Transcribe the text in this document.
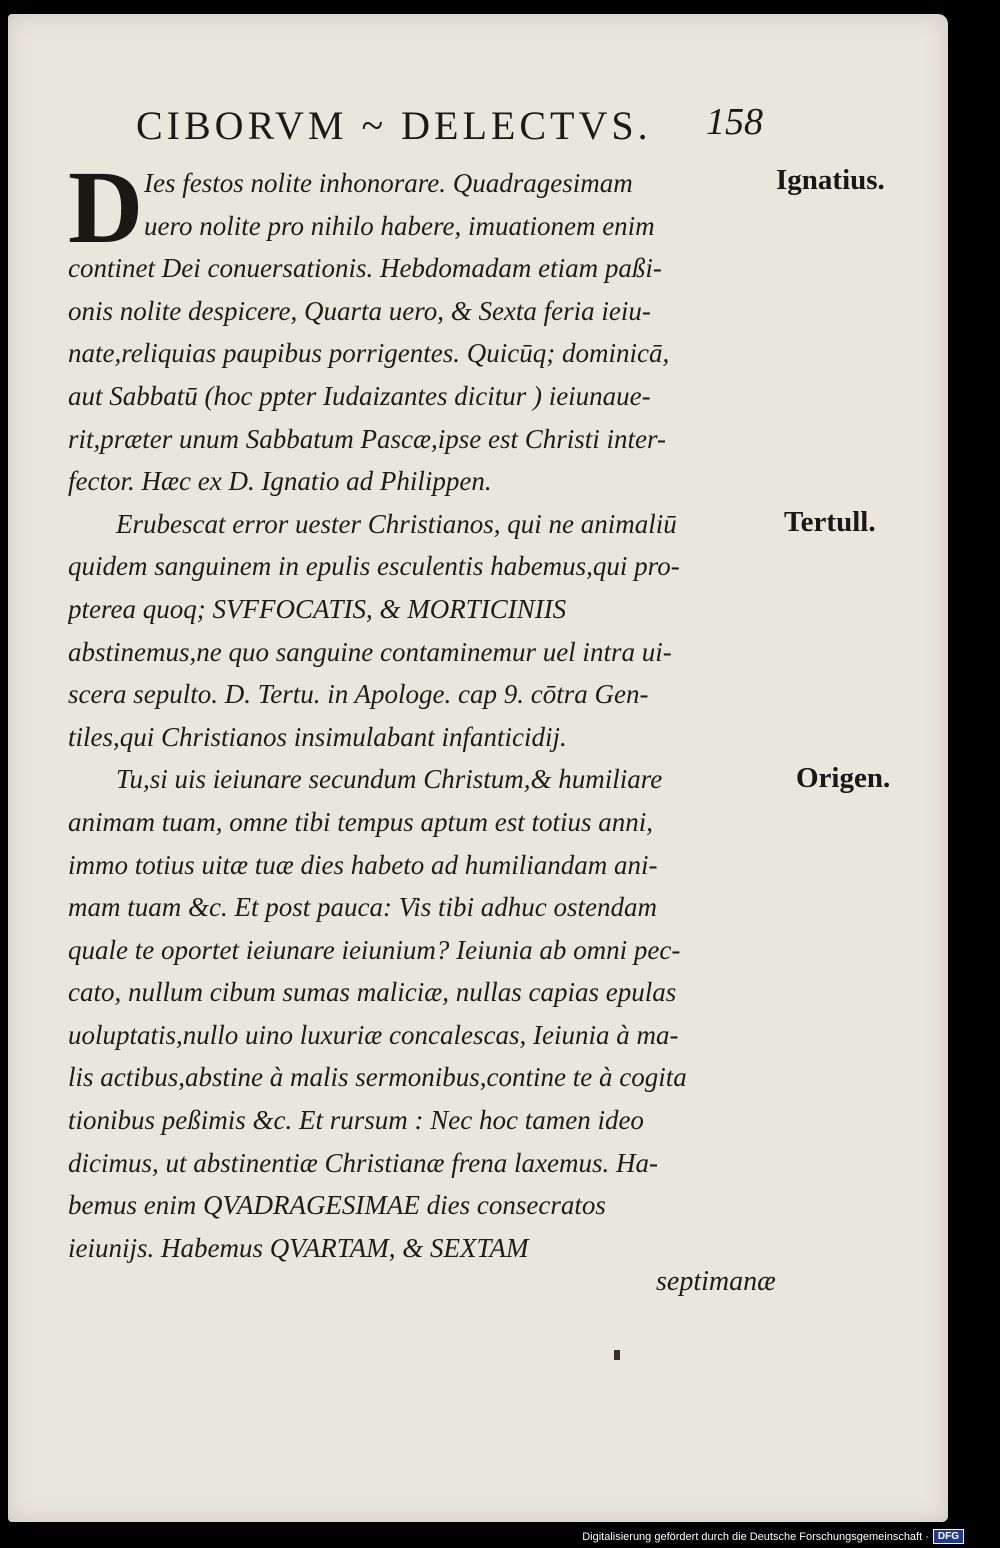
CIBORVM ~ DELECTVS. 158
Ignatius.
Tertull.
Origen.
D Ies festos nolite inhonorare. Quadragesimam
uero nolite pro nihilo habere, imuationem enim
continet Dei conuersationis. Hebdomadam etiam paßi-
onis nolite despicere, Quarta uero, & Sexta feria ieiu-
nate,reliquias paupibus porrigentes. Quicūq; dominicā,
aut Sabbatū (hoc ppter Iudaizantes dicitur ) ieiunaue-
rit,præter unum Sabbatum Pascæ,ipse est Christi inter-
fector. Hæc ex D. Ignatio ad Philippen.
Erubescat error uester Christianos, qui ne animaliū
quidem sanguinem in epulis esculentis habemus,qui pro-
pterea quoq; SVFFOCATIS, & MORTICINIIS
abstinemus,ne quo sanguine contaminemur uel intra ui-
scera sepulto. D. Tertu. in Apologe. cap 9. cōtra Gen-
tiles,qui Christianos insimulabant infanticidij.
Tu,si uis ieiunare secundum Christum,& humiliare
animam tuam, omne tibi tempus aptum est totius anni,
immo totius uitæ tuæ dies habeto ad humiliandam ani-
mam tuam &c. Et post pauca: Vis tibi adhuc ostendam
quale te oportet ieiunare ieiunium? Ieiunia ab omni pec-
cato, nullum cibum sumas maliciæ, nullas capias epulas
uoluptatis,nullo uino luxuriæ concalescas, Ieiunia à ma-
lis actibus,abstine à malis sermonibus,contine te à cogita
tionibus peßimis &c. Et rursum : Nec hoc tamen ideo
dicimus, ut abstinentiæ Christianæ frena laxemus. Ha-
bemus enim QVADRAGESIMAE dies consecratos
ieiunijs. Habemus QVARTAM, & SEXTAM
septimanæ
Digitalisierung gefördert durch die Deutsche Forschungsgemeinschaft · DFG
